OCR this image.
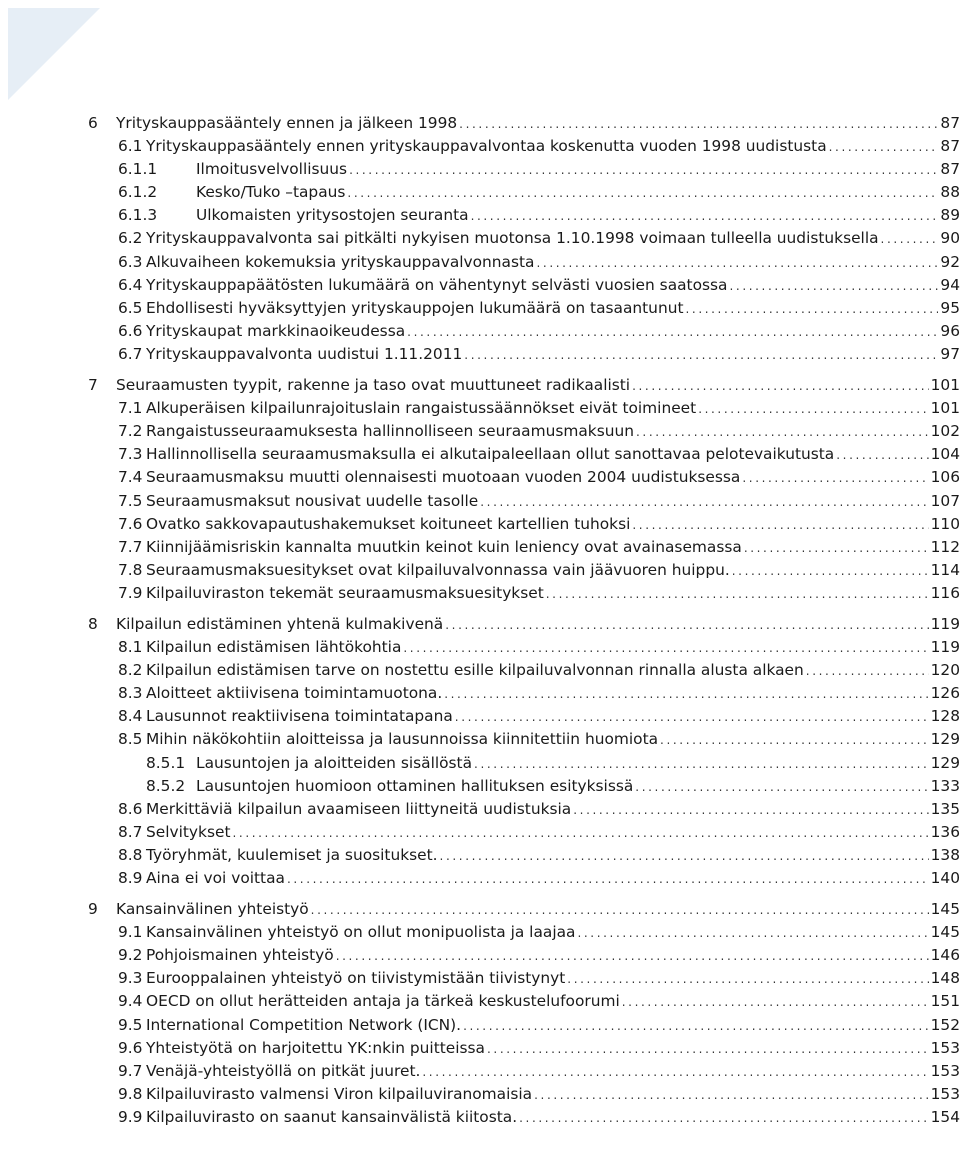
6 Yrityskauppasääntely ennen ja jälkeen 1998 .....	87
6.1 Yrityskauppasääntely ennen yrityskauppavalvontaa koskenutta vuoden 1998 uudistusta .....	87
6.1.1	Ilmoitusvelvollisuus .....	87
6.1.2	Kesko/Tuko –tapaus .....	88
6.1.3	Ulkomaisten yritysostojen seuranta .....	89
6.2 Yrityskauppavalvonta sai pitkälti nykyisen muotonsa 1.10.1998 voimaan tulleella uudistuksella .....	90
6.3 Alkuvaiheen kokemuksia yrityskauppavalvonnasta .....	92
6.4 Yrityskauppapäätösten lukumäärä on vähentynyt selvästi vuosien saatossa .....	94
6.5 Ehdollisesti hyväksyttyjen yrityskauppojen lukumäärä on tasaantunut .....	95
6.6 Yrityskaupat markkinaoikeudessa .....	96
6.7 Yrityskauppavalvonta uudistui 1.11.2011 .....	97
7 Seuraamusten tyypit, rakenne ja taso ovat muuttuneet radikaalisti .....	101
7.1 Alkuperäisen kilpailunrajoituslain rangaistussäännökset eivät toimineet .....	101
7.2 Rangaistusseuraamuksesta hallinnolliseen seuraamusmaksuun .....	102
7.3 Hallinnollisella seuraamusmaksulla ei alkutaipaleellaan ollut sanottavaa pelotevaikutusta .....	104
7.4 Seuraamusmaksu muutti olennaisesti muotoaan vuoden 2004 uudistuksessa .....	106
7.5 Seuraamusmaksut nousivat uudelle tasolle .....	107
7.6 Ovatko sakkovapautushakemukset koituneet kartellien tuhoksi .....	110
7.7 Kiinnijäämisriskin kannalta muutkin keinot kuin leniency ovat avainasemassa .....	112
7.8 Seuraamusmaksuesitykset ovat kilpailuvalvonnassa vain jäävuoren huippu. .....	114
7.9 Kilpailuviraston tekemät seuraamusmaksuesitykset .....	116
8 Kilpailun edistäminen yhtenä kulmakivenä .....	119
8.1 Kilpailun edistämisen lähtökohtia .....	119
8.2 Kilpailun edistämisen tarve on nostettu esille kilpailuvalvonnan rinnalla alusta alkaen .....	120
8.3 Aloitteet aktiivisena toimintamuotona. .....	126
8.4 Lausunnot reaktiivisena toimintatapana .....	128
8.5 Mihin näkökohtiin aloitteissa ja lausunnoissa kiinnitettiin huomiota .....	129
8.5.1 Lausuntojen ja aloitteiden sisällöstä .....	129
8.5.2 Lausuntojen huomioon ottaminen hallituksen esityksissä .....	133
8.6 Merkittäviä kilpailun avaamiseen liittyneitä uudistuksia .....	135
8.7 Selvitykset .....	136
8.8 Työryhmät, kuulemiset ja suositukset. .....	138
8.9 Aina ei voi voittaa .....	140
9 Kansainvälinen yhteistyö .....	145
9.1 Kansainvälinen yhteistyö on ollut monipuolista ja laajaa .....	145
9.2 Pohjoismainen yhteistyö .....	146
9.3 Eurooppalainen yhteistyö on tiivistymistään tiivistynyt .....	148
9.4 OECD on ollut herätteiden antaja ja tärkeä keskustelufoorumi .....	151
9.5 International Competition Network (ICN). .....	152
9.6 Yhteistyötä on harjoitettu YK:nkin puitteissa .....	153
9.7 Venäjä-yhteistyöllä on pitkät juuret. .....	153
9.8 Kilpailuvirasto valmensi Viron kilpailuviranomaisia .....	153
9.9 Kilpailuvirasto on saanut kansainvälistä kiitosta. .....	154
